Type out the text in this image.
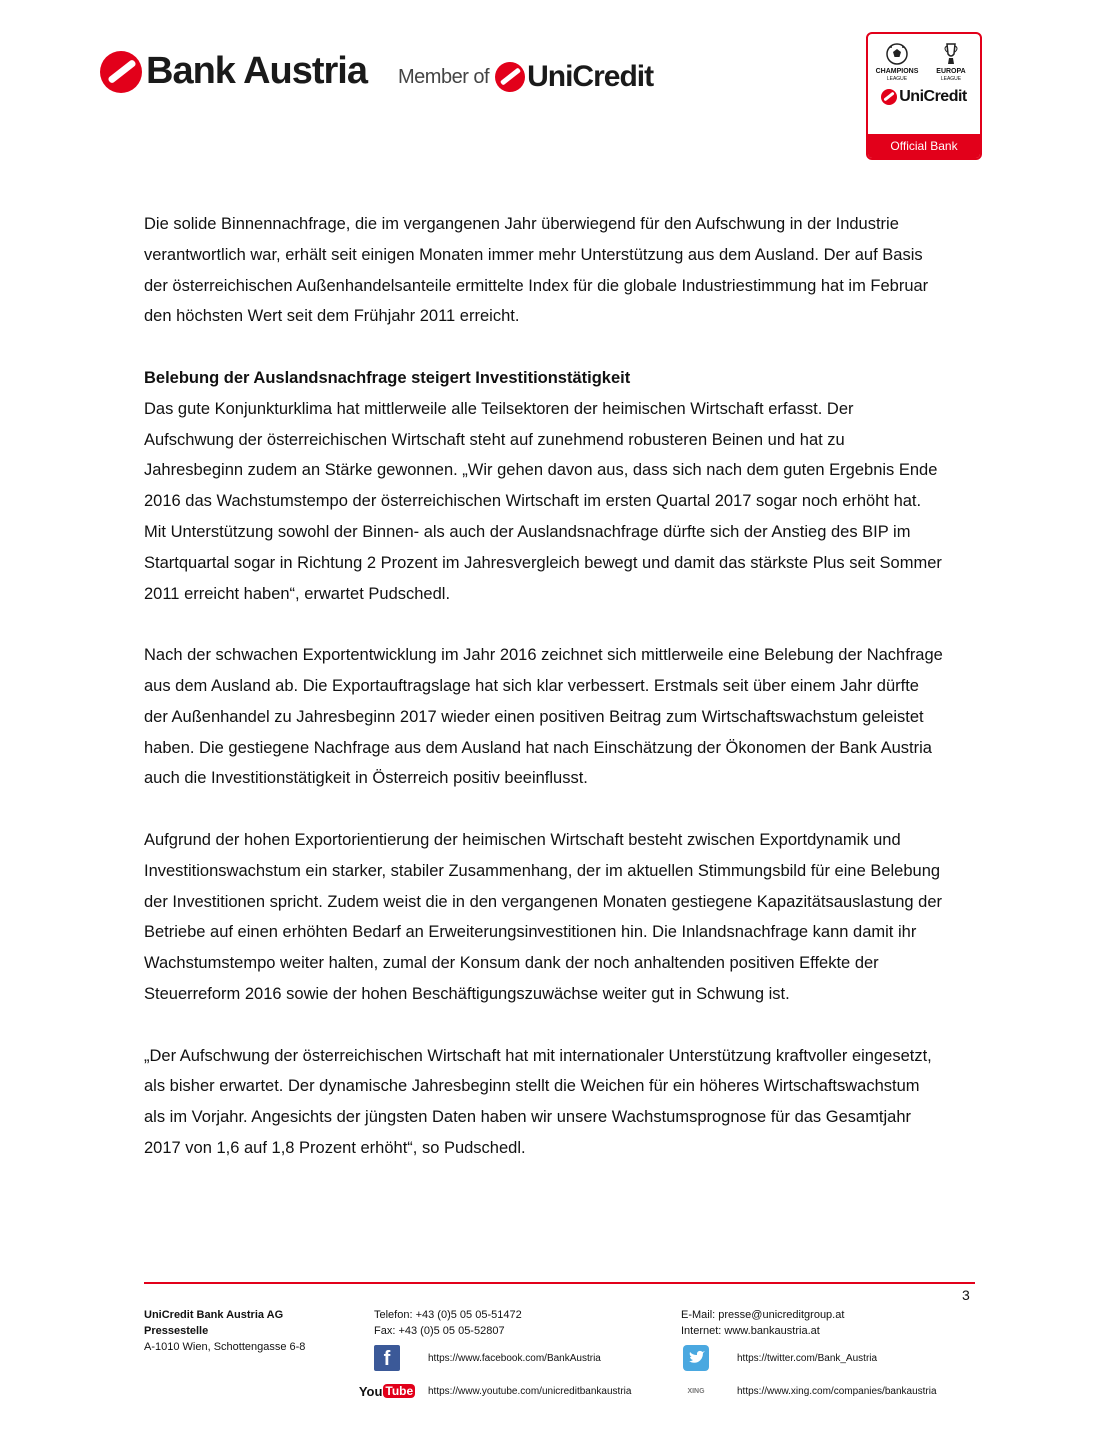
Bank Austria Member of UniCredit	CHAMPIONS
LEAGUE
EUROPA
LEAGUE
UniCredit
Official Bank

Die solide Binnennachfrage, die im vergangenen Jahr überwiegend für den Aufschwung in der Industrie verantwortlich war, erhält seit einigen Monaten immer mehr Unterstützung aus dem Ausland. Der auf Basis der österreichischen Außenhandelsanteile ermittelte Index für die globale Industriestimmung hat im Februar den höchsten Wert seit dem Frühjahr 2011 erreicht.

Belebung der Auslandsnachfrage steigert Investitionstätigkeit

Das gute Konjunkturklima hat mittlerweile alle Teilsektoren der heimischen Wirtschaft erfasst. Der Aufschwung der österreichischen Wirtschaft steht auf zunehmend robusteren Beinen und hat zu Jahresbeginn zudem an Stärke gewonnen. „Wir gehen davon aus, dass sich nach dem guten Ergebnis Ende 2016 das Wachstumstempo der österreichischen Wirtschaft im ersten Quartal 2017 sogar noch erhöht hat. Mit Unterstützung sowohl der Binnen- als auch der Auslandsnachfrage dürfte sich der Anstieg des BIP im Startquartal sogar in Richtung 2 Prozent im Jahresvergleich bewegt und damit das stärkste Plus seit Sommer 2011 erreicht haben“, erwartet Pudschedl.

Nach der schwachen Exportentwicklung im Jahr 2016 zeichnet sich mittlerweile eine Belebung der Nachfrage aus dem Ausland ab. Die Exportauftragslage hat sich klar verbessert. Erstmals seit über einem Jahr dürfte der Außenhandel zu Jahresbeginn 2017 wieder einen positiven Beitrag zum Wirtschaftswachstum geleistet haben. Die gestiegene Nachfrage aus dem Ausland hat nach Einschätzung der Ökonomen der Bank Austria auch die Investitionstätigkeit in Österreich positiv beeinflusst.

Aufgrund der hohen Exportorientierung der heimischen Wirtschaft besteht zwischen Exportdynamik und Investitionswachstum ein starker, stabiler Zusammenhang, der im aktuellen Stimmungsbild für eine Belebung der Investitionen spricht. Zudem weist die in den vergangenen Monaten gestiegene Kapazitätsauslastung der Betriebe auf einen erhöhten Bedarf an Erweiterungsinvestitionen hin. Die Inlandsnachfrage kann damit ihr Wachstumstempo weiter halten, zumal der Konsum dank der noch anhaltenden positiven Effekte der Steuerreform 2016 sowie der hohen Beschäftigungszuwächse weiter gut in Schwung ist.

„Der Aufschwung der österreichischen Wirtschaft hat mit internationaler Unterstützung kraftvoller eingesetzt, als bisher erwartet. Der dynamische Jahresbeginn stellt die Weichen für ein höheres Wirtschaftswachstum als im Vorjahr. Angesichts der jüngsten Daten haben wir unsere Wachstumsprognose für das Gesamtjahr 2017 von 1,6 auf 1,8 Prozent erhöht“, so Pudschedl.

3
UniCredit Bank Austria AG
Pressestelle
A-1010 Wien, Schottengasse 6-8
Telefon: +43 (0)5 05 05-51472
Fax: +43 (0)5 05 05-52807
E-Mail: presse@unicreditgroup.at
Internet: www.bankaustria.at
f	https://www.facebook.com/BankAustria
You Tube https://www.youtube.com/unicreditbankaustria
https://twitter.com/Bank_Austria
XING	https://www.xing.com/companies/bankaustria
